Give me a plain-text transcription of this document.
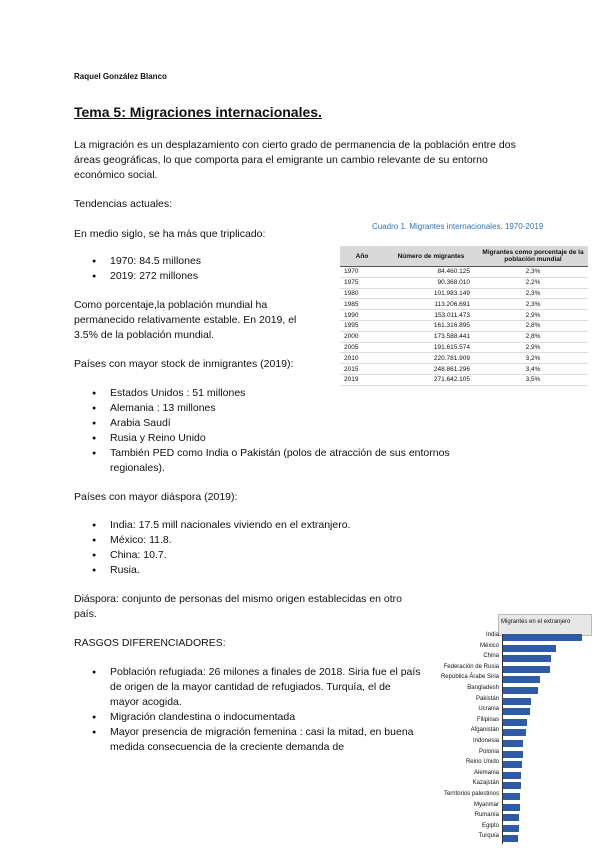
Raquel González Blanco
Tema 5: Migraciones internacionales.
La migración es un desplazamiento con cierto grado de permanencia de la población entre dos áreas geográficas, lo que comporta para el emigrante un cambio relevante de su entorno económico social.
Tendencias actuales:
En medio siglo, se ha más que triplicado:
● 1970: 84.5 millones
● 2019: 272 millones
Como porcentaje,la población mundial ha permanecido relativamente estable. En 2019, el 3.5% de la población mundial.
Países con mayor stock de inmigrantes (2019):
● Estados Unidos : 51 millones
● Alemania : 13 millones
● Arabia Saudí
● Rusia y Reino Unido
● También PED como India o Pakistán (polos de atracción de sus entornos regionales).
Países con mayor diáspora (2019):
● India: 17.5 mill nacionales viviendo en el extranjero.
● México: 11.8.
● China: 10.7.
● Rusia.
Diáspora: conjunto de personas del mismo origen establecidas en otro país.
RASGOS DIFERENCIADORES:
● Población refugiada: 26 milones a finales de 2018. Siria fue el país de origen de la mayor cantidad de refugiados. Turquía, el de mayor acogida.
● Migración clandestina o indocumentada
● Mayor presencia de migración femenina : casi la mitad, en buena medida consecuencia de la creciente demanda de
Cuadro 1. Migrantes internacionales. 1970-2019
Año	Número de migrantes	Migrantes como porcentaje de la población mundial
1970	84.460.125	2,3%
1975	90.368.010	2,2%
1980	101.983.149	2,3%
1985	113.206.691	2,3%
1990	153.011.473	2,9%
1995	161.316.895	2,8%
2000	173.588.441	2,8%
2005	191.615.574	2,9%
2010	220.781.909	3,2%
2015	248.861.296	3,4%
2019	271.642.105	3,5%
Migrantes en el extranjero
India
México
China
Federación de Rusia
República Árabe Siria
Bangladesh
Pakistán
Ucrania
Filipinas
Afganistán
Indonesia
Polonia
Reino Unido
Alemania
Kazajstán
Territorios palestinos
Myanmar
Rumanía
Egipto
Turquía
